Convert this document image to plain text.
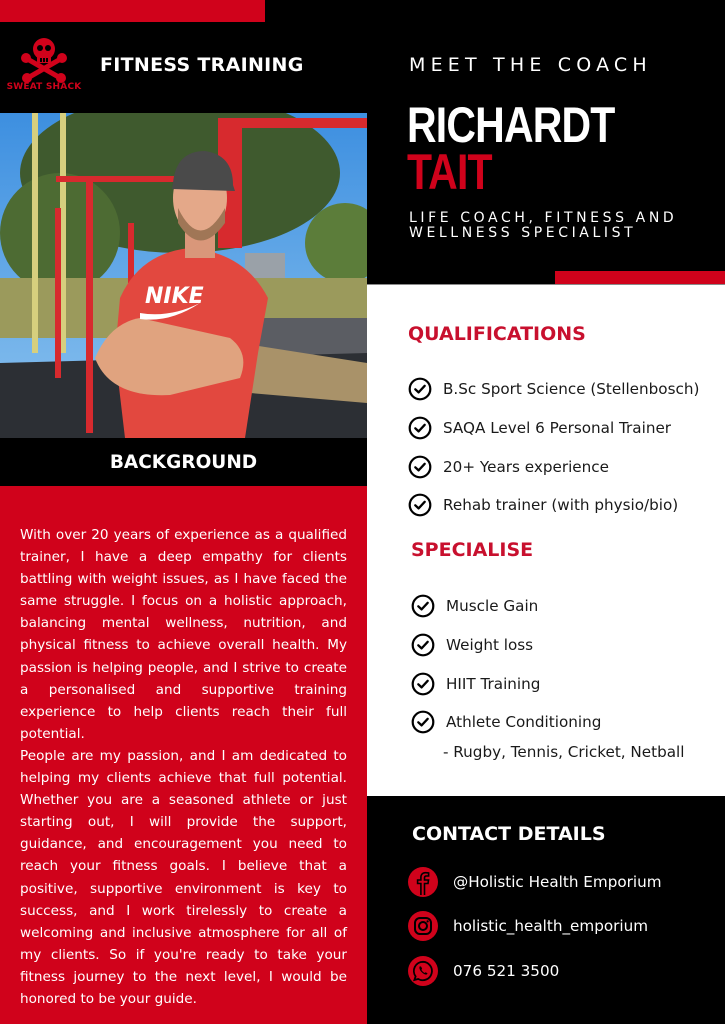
SWEAT SHACK
FITNESS TRAINING
NIKE
BACKGROUND

With over 20 years of experience as a qualified trainer, I have a deep empathy for clients battling with weight issues, as I have faced the same struggle. I focus on a holistic approach, balancing mental wellness, nutrition, and physical fitness to achieve overall health. My passion is helping people, and I strive to create a personalised and supportive training experience to help clients reach their full potential.

People are my passion, and I am dedicated to helping my clients achieve that full potential. Whether you are a seasoned athlete or just starting out, I will provide the support, guidance, and encouragement you need to reach your fitness goals. I believe that a positive, supportive environment is key to success, and I work tirelessly to create a welcoming and inclusive atmosphere for all of my clients. So if you're ready to take your fitness journey to the next level, I would be honored to be your guide.

MEET THE COACH
RICHARDT
TAIT
LIFE COACH, FITNESS AND
WELLNESS SPECIALIST
QUALIFICATIONS
B.Sc Sport Science (Stellenbosch)
SAQA Level 6 Personal Trainer
20+ Years experience
Rehab trainer (with physio/bio)
SPECIALISE
Muscle Gain
Weight loss
HIIT Training
Athlete Conditioning
- Rugby, Tennis, Cricket, Netball
CONTACT DETAILS
@Holistic Health Emporium
holistic_health_emporium
076 521 3500
